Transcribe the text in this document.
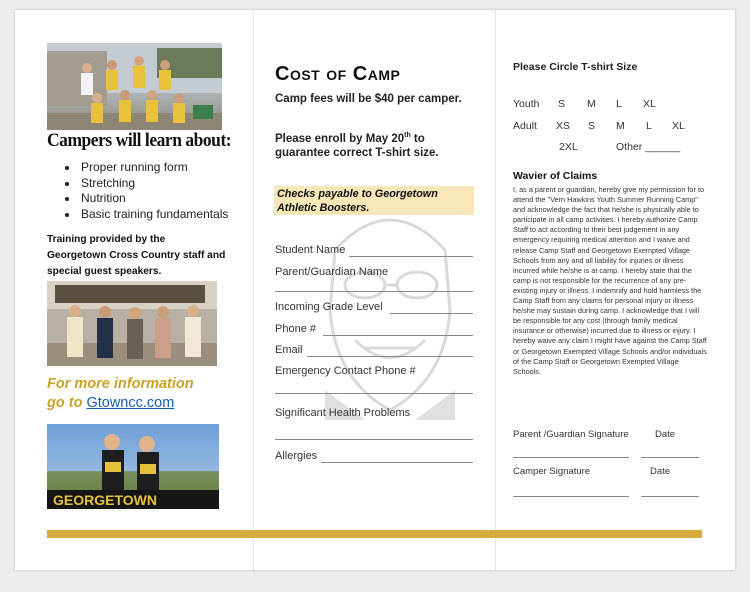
Campers will learn about:
• Proper running form
• Stretching
• Nutrition
• Basic training fundamentals
Training provided by the Georgetown Cross Country staff and special guest speakers.
For more information
go to Gtowncc.com
GEORGETOWN
Cost of Camp
Camp fees will be $40 per camper.
Please enroll by May 20th to guarantee correct T-shirt size.
Checks payable to Georgetown Athletic Boosters.
Student Name
Parent/Guardian Name
Incoming Grade Level
Phone #
Email
Emergency Contact Phone #
Significant Health Problems
Allergies
Please Circle T-shirt Size
Youth S M L XL
Adult XS S M L XL
2XL	Other ______
Wavier of Claims
I, as a parent or guardian, hereby give my permission for to attend the "Vern Hawkins Youth Summer Running Camp" and acknowledge the fact that he/she is physically able to participate in all camp activities. I hereby authorize Camp Staff to act according to their best judgement in any emergency requiring medical attention and I waive and release Camp Staff and Georgetown Exempted Village Schools from any and all liability for injuries or illness incurred while he/she is at camp. I hereby state that the camp is not responsible for the recurrence of any pre-existing injury or illness. I indemnify and hold harmless the Camp Staff from any claims for personal injury or illness he/she may sustain during camp. I acknowledge that I will be responsible for any cost (through family medical insurance or otherwise) incurred due to illness or injury. I hereby waive any claim I might have against the Camp Staff or Georgetown Exempted Village Schools and/or individuals of the Camp Staff or Georgetown Exempted Village Schools.
Parent /Guardian Signature	Date
Camper Signature	Date
